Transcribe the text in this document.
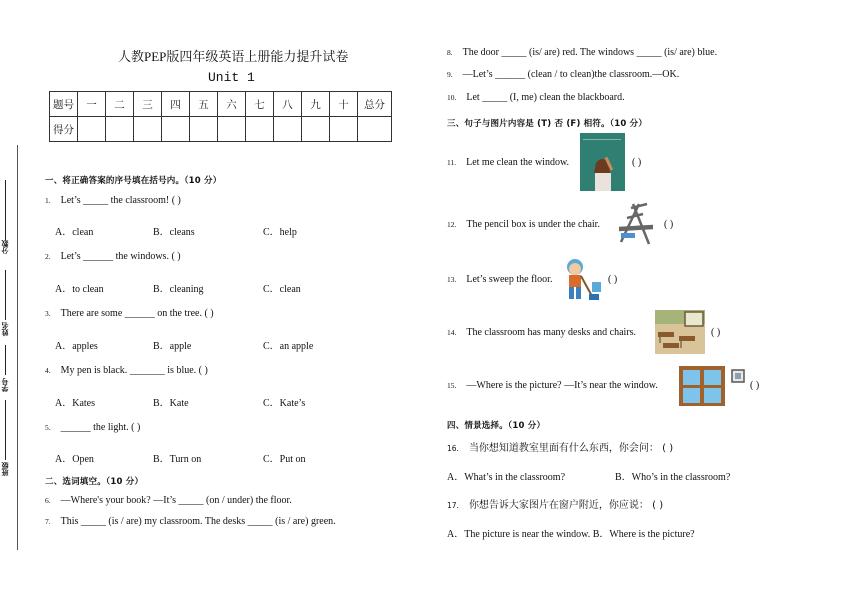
分数
姓名
学号
班级
人教PEP版四年级英语上册能力提升试卷
Unit 1
题号	一	二	三	四	五	六	七	八	九	十	总分
得分											
一、将正确答案的序号填在括号内。（10 分）
1. Let’s _____ the classroom! ( )
A．clean	B．cleans	C．help
2. Let’s ______ the windows. ( )
A．to clean	B．cleaning	C．clean
3. There are some ______ on the tree. ( )
A．apples	B．apple	C．an apple
4. My pen is black. _______ is blue. ( )
A．Kates	B．Kate	C．Kate’s
5. ______ the light. ( )
A．Open	B．Turn on	C．Put on
二、选词填空。（10 分）
6. —Where's your book? —It’s _____ (on / under) the floor.
7. This _____ (is / are) my classroom. The desks _____ (is / are) green.
8. The door _____ (is/ are) red. The windows _____ (is/ are) blue.
9. —Let’s ______ (clean / to clean)the classroom.—OK.
10. Let _____ (I, me) clean the blackboard.
三、句子与图片内容是 (T) 否 (F) 相符。（10 分）
11. Let me clean the window.	( )
12. The pencil box is under the chair.	( )
13. Let’s sweep the floor.	( )
14. The classroom has many desks and chairs.	( )
15. —Where is the picture? —It’s near the window.	( )
四、情景选择。（10 分）
16. 当你想知道教室里面有什么东西，你会问： ( )
A．What’s in the classroom?	B．Who’s in the classroom?
17. 你想告诉大家图片在窗户附近，你应说： ( )
A．The picture is near the window. B．Where is the picture?
